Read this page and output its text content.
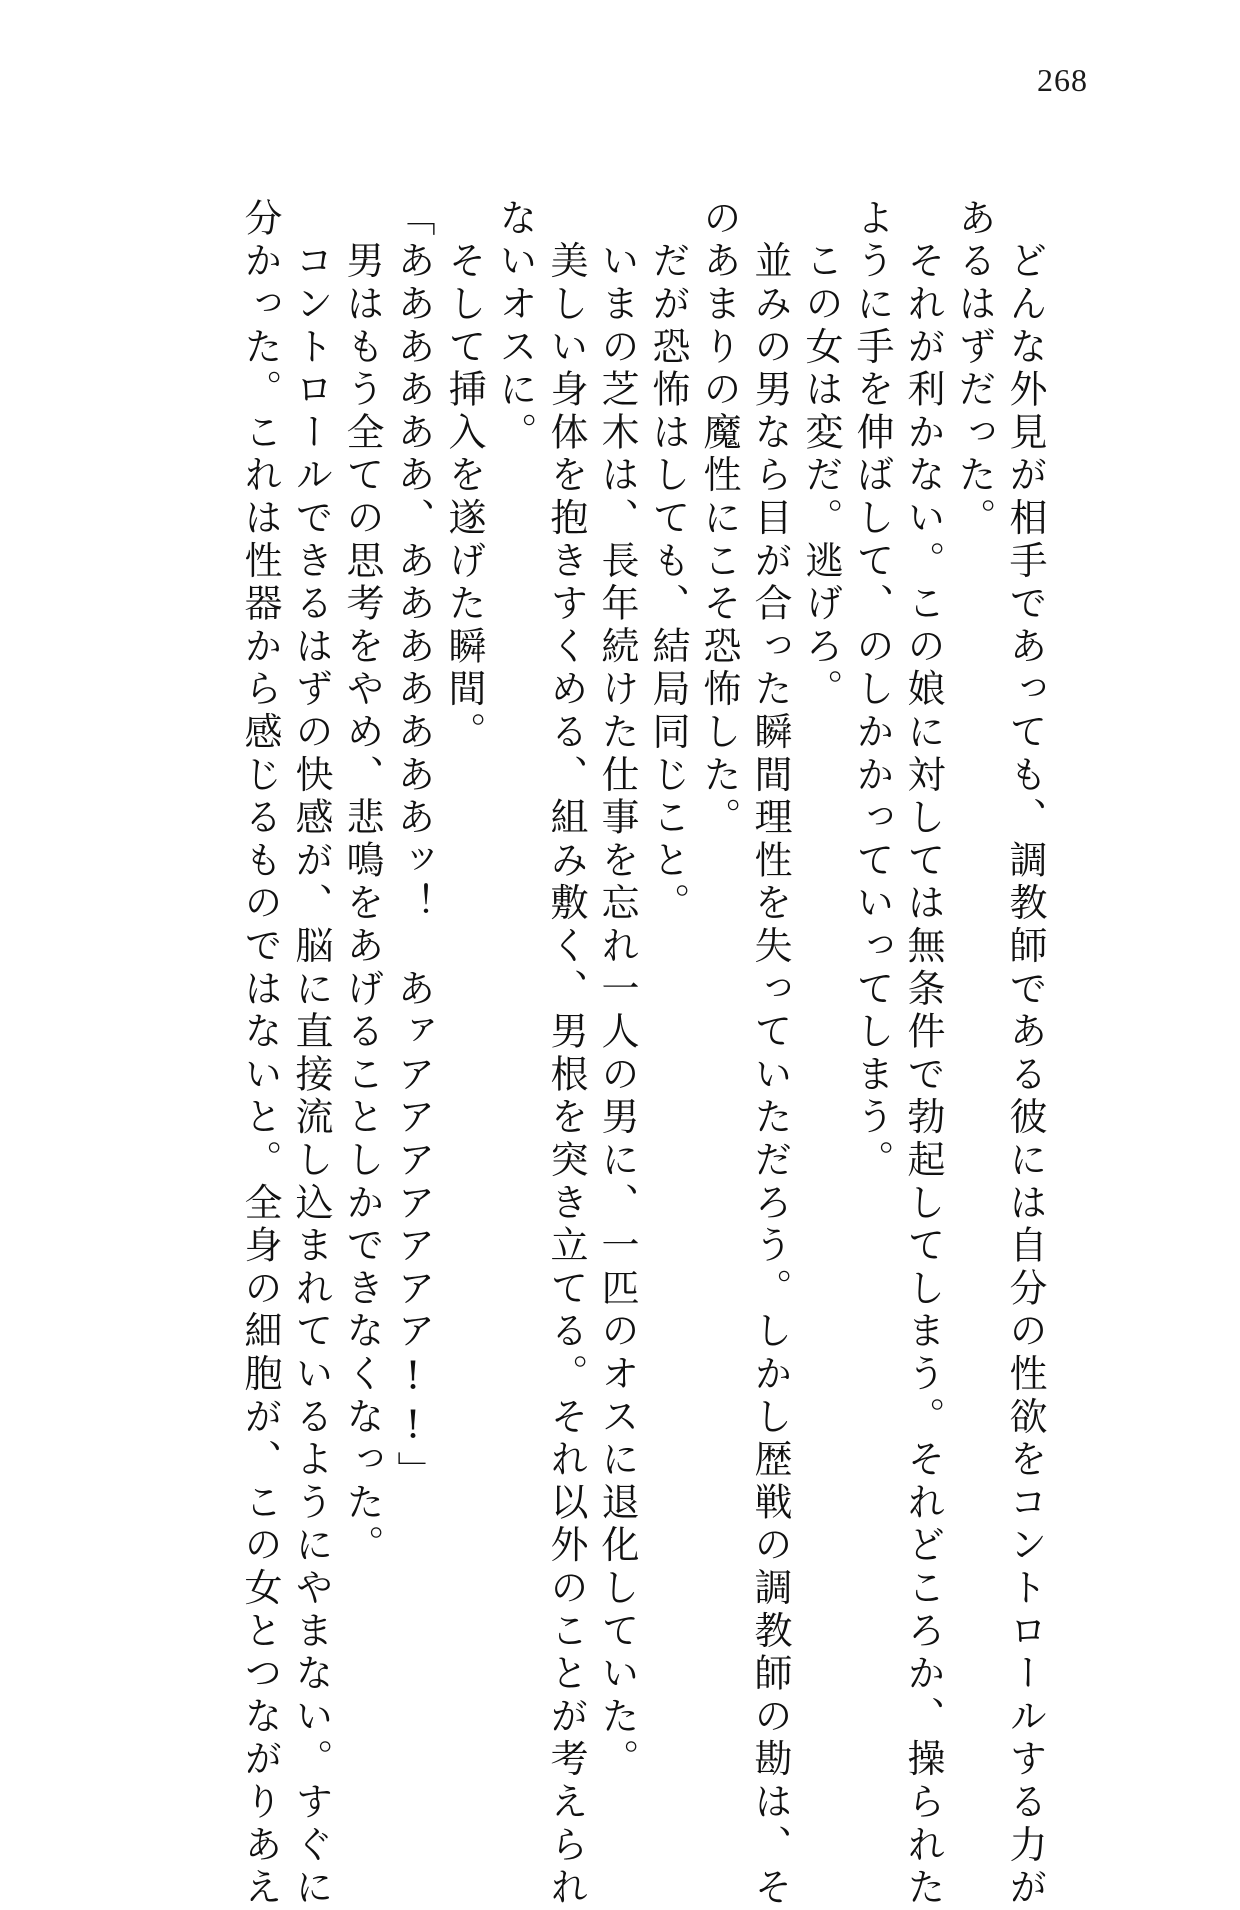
268

　どんな外見が相手であっても、調教師である彼には自分の性欲をコントロールする力が

あるはずだった。

　それが利かない。この娘に対しては無条件で勃起してしまう。それどころか、操られた

ように手を伸ばして、のしかかっていってしまう。

　この女は変だ。逃げろ。

　並みの男なら目が合った瞬間理性を失っていただろう。しかし歴戦の調教師の勘は、そ

のあまりの魔性にこそ恐怖した。

　だが恐怖はしても、結局同じこと。

　いまの芝木は、長年続けた仕事を忘れ一人の男に、一匹のオスに退化していた。

　美しい身体を抱きすくめる、組み敷く、男根を突き立てる。それ以外のことが考えられ

ないオスに。

　そして挿入を遂げた瞬間。

「ああああああ、あああああああッ！　あァアアアアアアア!!」

　男はもう全ての思考をやめ、悲鳴をあげることしかできなくなった。

　コントロールできるはずの快感が、脳に直接流し込まれているようにやまない。すぐに

分かった。これは性器から感じるものではないと。全身の細胞が、この女とつながりあえ
